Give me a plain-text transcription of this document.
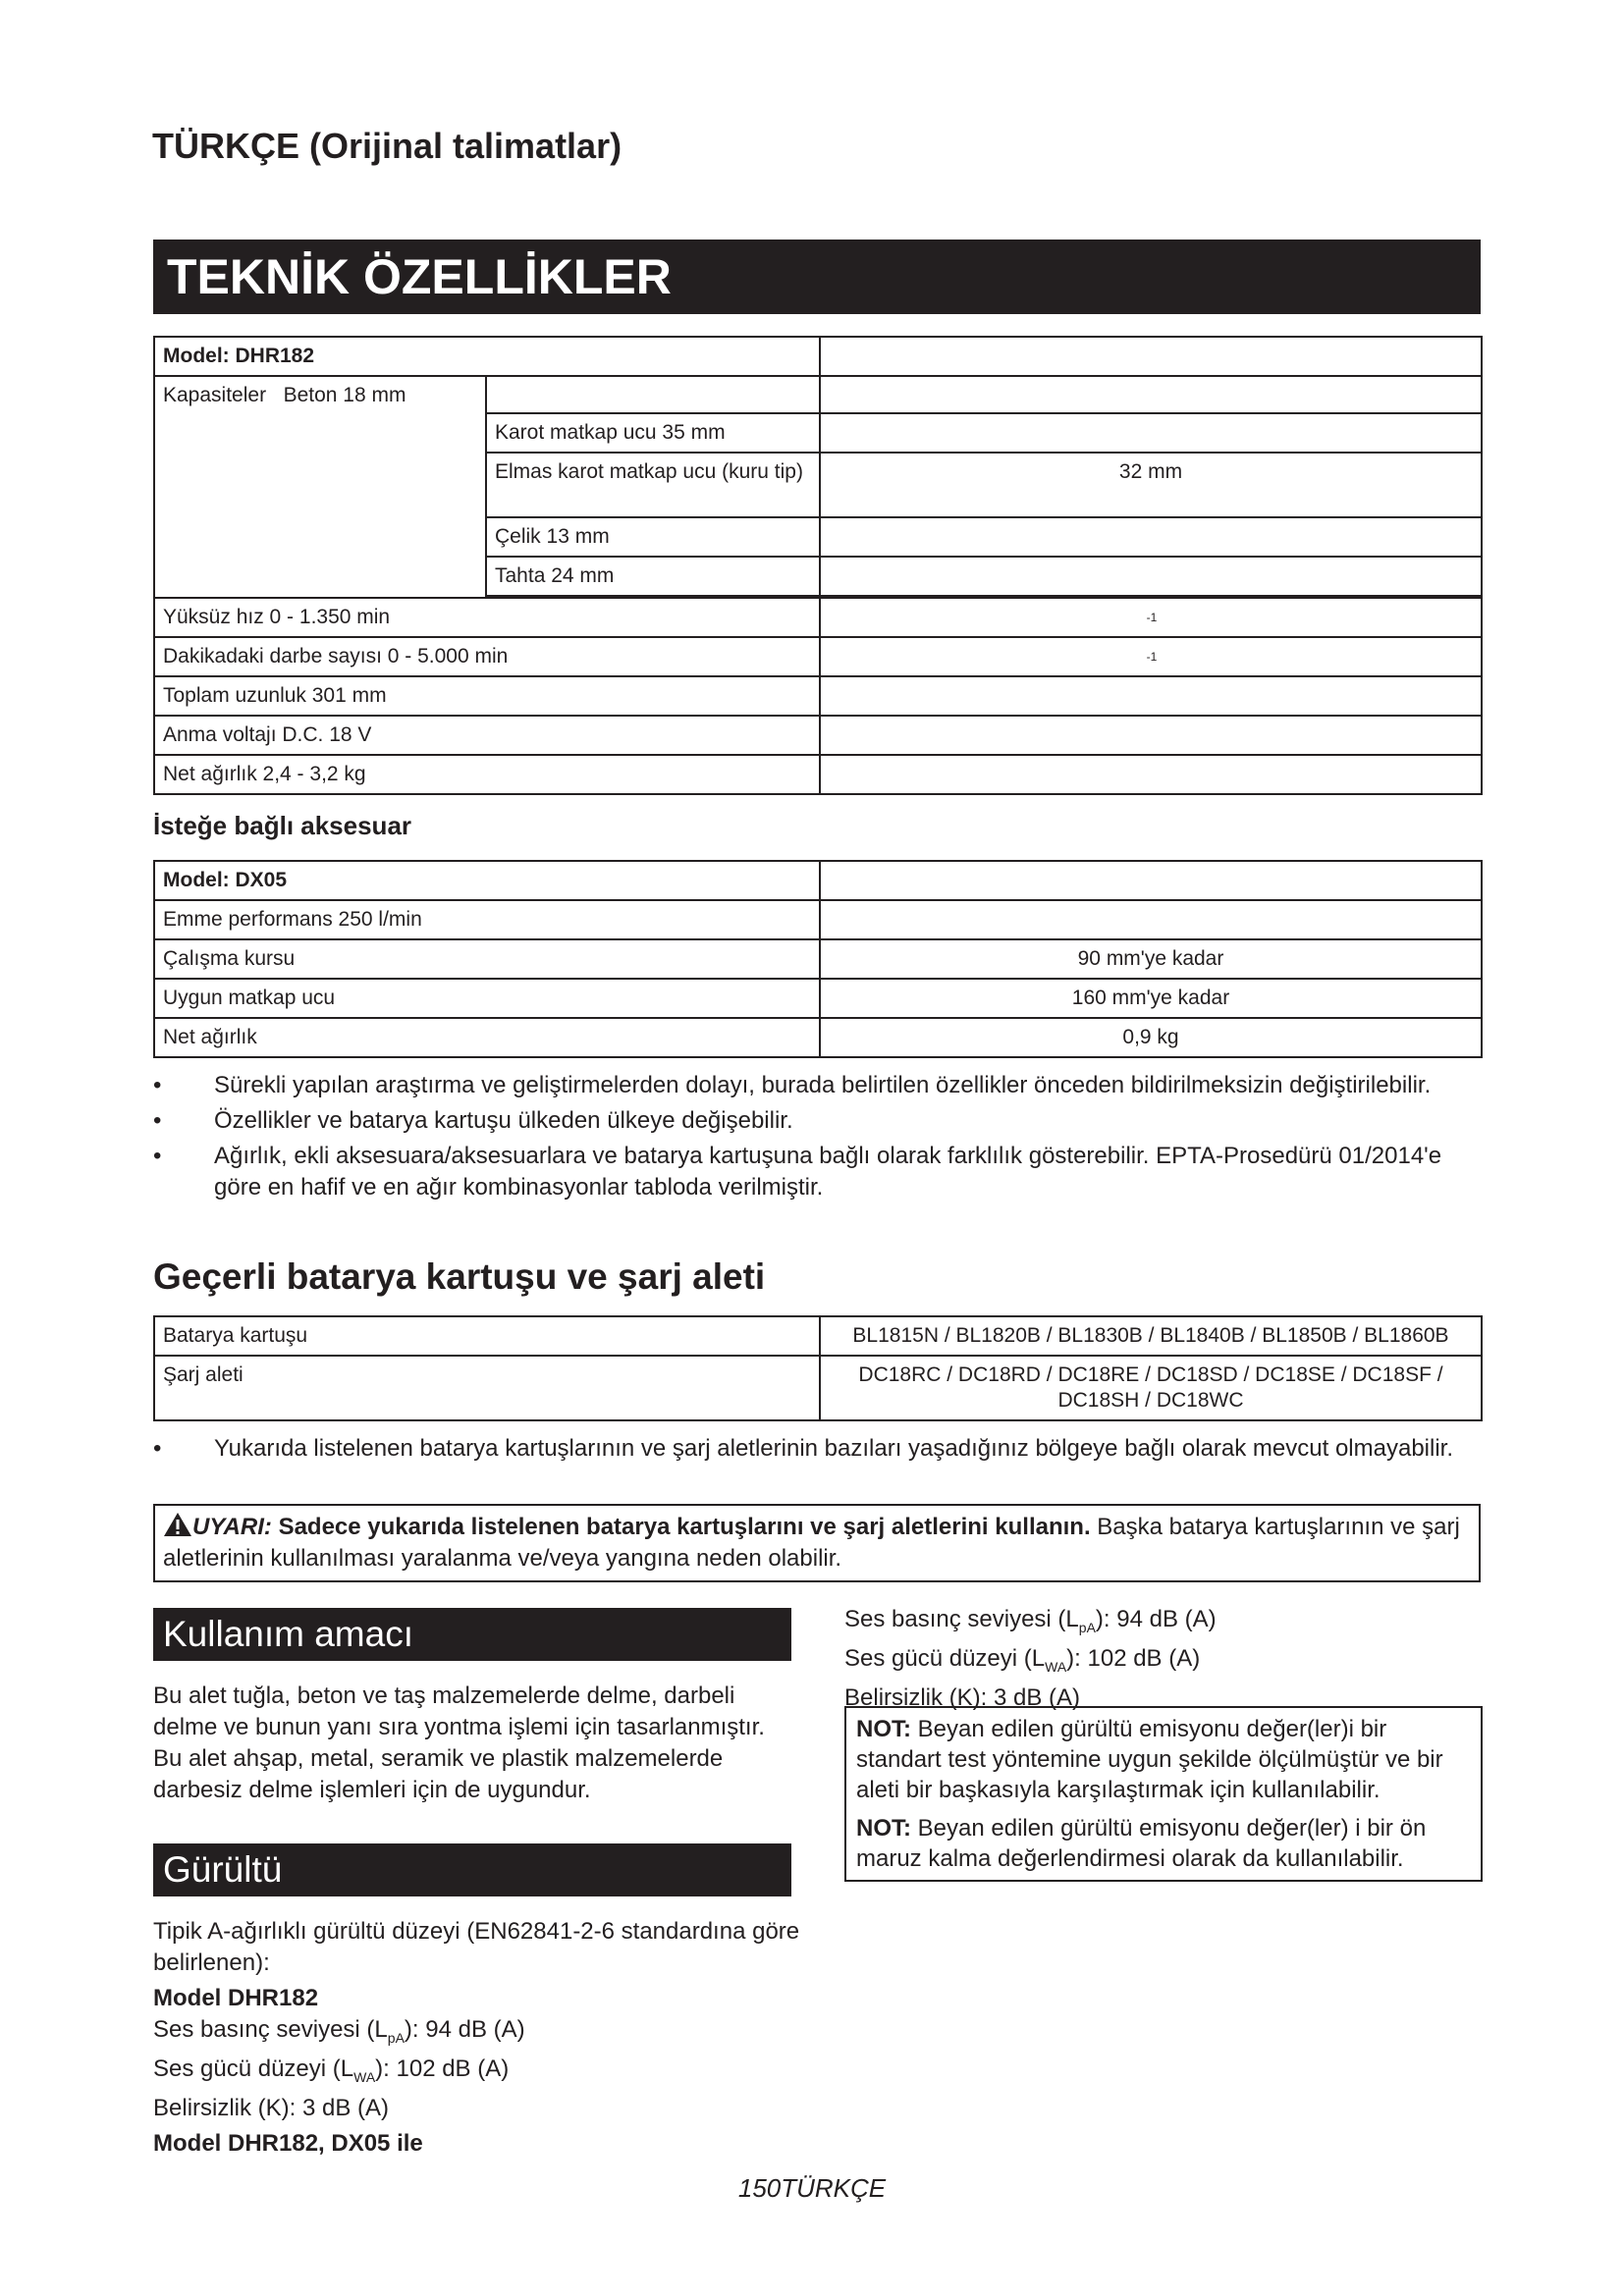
TÜRKÇE (Orijinal talimatlar)
TEKNİK ÖZELLİKLER
Model: DHR182		
Kapasiteler Beton 18 mm		
	Karot matkap ucu 35 mm	
	Elmas karot matkap ucu (kuru tip)	32 mm
	Çelik 13 mm	
	Tahta 24 mm	

Yüksüz hız 0 - 1.350 min		$^{-1}$
Dakikadaki darbe sayısı 0 - 5.000 min		$^{-1}$
Toplam uzunluk 301 mm		
Anma voltajı D.C. 18 V		
Net ağırlık 2,4 - 3,2 kg		
İsteğe bağlı aksesuar
Model: DX05	
Emme performans 250 l/min	
Çalışma kursu	90 mm'ye kadar
Uygun matkap ucu	160 mm'ye kadar
Net ağırlık	0,9 kg
•	Sürekli yapılan araştırma ve geliştirmelerden dolayı, burada belirtilen özellikler önceden bildirilmeksizin değiştirilebilir.
•	Özellikler ve batarya kartuşu ülkeden ülkeye değişebilir.
•	Ağırlık, ekli aksesuara/aksesuarlara ve batarya kartuşuna bağlı olarak farklılık gösterebilir. EPTA-Prosedürü 01/2014'e göre en hafif ve en ağır kombinasyonlar tabloda verilmiştir.
Geçerli batarya kartuşu ve şarj aleti
Batarya kartuşu	BL1815N / BL1820B / BL1830B / BL1840B / BL1850B / BL1860B
Şarj aleti	DC18RC / DC18RD / DC18RE / DC18SD / DC18SE / DC18SF / DC18SH / DC18WC
•	Yukarıda listelenen batarya kartuşlarının ve şarj aletlerinin bazıları yaşadığınız bölgeye bağlı olarak mevcut olmayabilir.
UYARI: Sadece yukarıda listelenen batarya kartuşlarını ve şarj aletlerini kullanın. Başka batarya kartuşlarının ve şarj aletlerinin kullanılması yaralanma ve/veya yangına neden olabilir.
Kullanım amacı
Bu alet tuğla, beton ve taş malzemelerde delme, darbeli delme ve bunun yanı sıra yontma işlemi için tasarlanmıştır.
Bu alet ahşap, metal, seramik ve plastik malzemelerde darbesiz delme işlemleri için de uygundur.
Gürültü
Tipik A-ağırlıklı gürültü düzeyi (EN62841-2-6 standardına göre belirlenen):
Model DHR182
Ses basınç seviyesi $(L_{pA})$: 94 dB (A)
Ses gücü düzeyi $(L_{WA})$: 102 dB (A)
Belirsizlik (K): 3 dB (A)
Model DHR182, DX05 ile
Ses basınç seviyesi $(L_{pA})$: 94 dB (A)
Ses gücü düzeyi $(L_{WA})$: 102 dB (A)
Belirsizlik (K): 3 dB (A)
NOT: Beyan edilen gürültü emisyonu değer(ler)i bir standart test yöntemine uygun şekilde ölçülmüştür ve bir aleti bir başkasıyla karşılaştırmak için kullanılabilir.
NOT: Beyan edilen gürültü emisyonu değer(ler) i bir ön maruz kalma değerlendirmesi olarak da kullanılabilir.
150TÜRKÇE
